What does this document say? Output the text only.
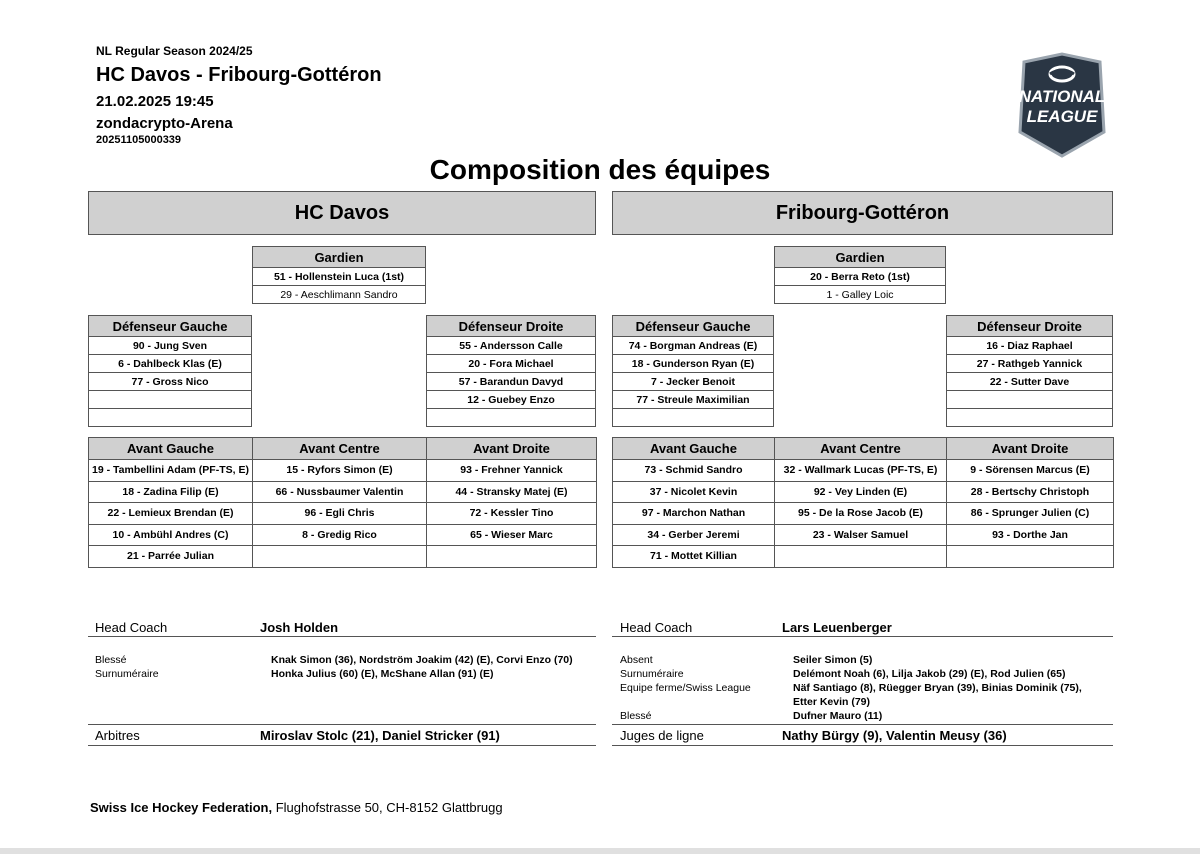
NL Regular Season 2024/25
HC Davos - Fribourg-Gottéron
21.02.2025 19:45
zondacrypto-Arena
20251105000339
NATIONAL
LEAGUE
Composition des équipes
HC Davos	Fribourg-Gottéron
Gardien
51 - Hollenstein Luca (1st)
29 - Aeschlimann Sandro
Gardien
20 - Berra Reto (1st)
1 - Galley Loic
Défenseur Gauche
90 - Jung Sven
6 - Dahlbeck Klas (E)
77 - Gross Nico

Défenseur Droite
55 - Andersson Calle
20 - Fora Michael
57 - Barandun Davyd
12 - Guebey Enzo

Défenseur Gauche
74 - Borgman Andreas (E)
18 - Gunderson Ryan (E)
7 - Jecker Benoit
77 - Streule Maximilian

Défenseur Droite
16 - Diaz Raphael
27 - Rathgeb Yannick
22 - Sutter Dave

Avant Gauche	Avant Centre	Avant Droite
19 - Tambellini Adam (PF-TS, E)	15 - Ryfors Simon (E)	93 - Frehner Yannick
18 - Zadina Filip (E)	66 - Nussbaumer Valentin	44 - Stransky Matej (E)
22 - Lemieux Brendan (E)	96 - Egli Chris	72 - Kessler Tino
10 - Ambühl Andres (C)	8 - Gredig Rico	65 - Wieser Marc
21 - Parrée Julian		
Avant Gauche	Avant Centre	Avant Droite
73 - Schmid Sandro	32 - Wallmark Lucas (PF-TS, E)	9 - Sörensen Marcus (E)
37 - Nicolet Kevin	92 - Vey Linden (E)	28 - Bertschy Christoph
97 - Marchon Nathan	95 - De la Rose Jacob (E)	86 - Sprunger Julien (C)
34 - Gerber Jeremi	23 - Walser Samuel	93 - Dorthe Jan
71 - Mottet Killian		
Head Coach	Josh Holden
Blessé	Knak Simon (36), Nordström Joakim (42) (E), Corvi Enzo (70)
Surnuméraire	Honka Julius (60) (E), McShane Allan (91) (E)
Arbitres	Miroslav Stolc (21), Daniel Stricker (91)
Head Coach	Lars Leuenberger
Absent	Seiler Simon (5)
Surnuméraire	Delémont Noah (6), Lilja Jakob (29) (E), Rod Julien (65)
Equipe ferme/Swiss League	Näf Santiago (8), Rüegger Bryan (39), Binias Dominik (75), Etter Kevin (79)
Blessé	Dufner Mauro (11)
Juges de ligne	Nathy Bürgy (9), Valentin Meusy (36)
Swiss Ice Hockey Federation, Flughofstrasse 50, CH-8152 Glattbrugg
